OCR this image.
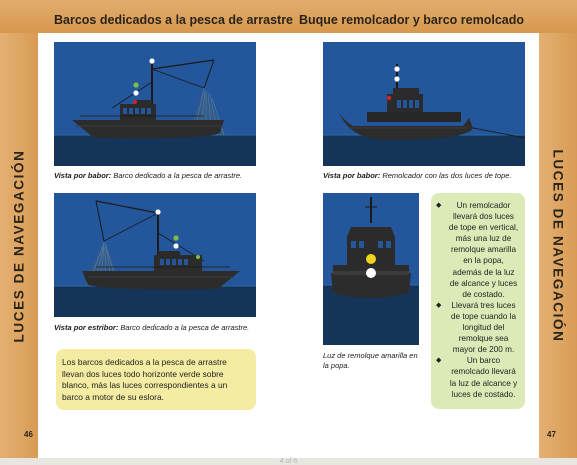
Barcos dedicados a la pesca de arrastre Buque remolcador y barco remolcado
LUCES DE NAVEGACIÓN	LUCES DE NAVEGACIÓN
Vista por babor: Barco dedicado a la pesca de arrastre.	Vista por babor: Remolcador con las dos luces de tope.
Vista por estribor: Barco dedicado a la pesca de arrastre.
Luz de remolque amarilla en la popa.
Los barcos dedicados a la pesca de arrastre llevan dos luces todo horizonte verde sobre blanco, más las luces correspondientes a un barco a motor de su eslora.
◆	Un remolcador llevará dos luces de tope en vertical, más una luz de remolque amarilla en la popa, además de la luz de alcance y luces de costado.
◆	Llevará tres luces de tope cuando la longitud del remolque sea mayor de 200 m.
◆	Un barco remolcado llevará la luz de alcance y luces de costado.
46	47
4 of 6
